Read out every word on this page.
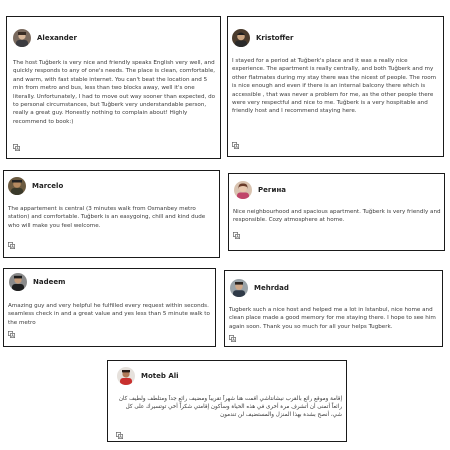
Alexander
The host Tuğberk is very nice and friendly speaks English very well, and quickly responds to any of one's needs. The place is clean, comfortable, and warm, with fast stable internet. You can't beat the location and 5 min from metro and bus, less than two blocks away, well it's one literally. Unfortunately, I had to move out way sooner than expected, do to personal circumstances, but Tuğberk very understandable person, really a great guy. Honestly nothing to complain about! Highly recommend to book:)
Kristoffer
I stayed for a period at Tuğberk's place and it was a really nice experience. The apartment is really centrally, and both Tuğberk and my other flatmates during my stay there was the nicest of people. The room is nice enough and even if there is an internal balcony there which is accessible , that was never a problem for me, as the other people there were very respectful and nice to me. Tuğberk is a very hospitable and friendly host and I recommend staying here.
Marcelo
The appartement is central (3 minutes walk from Osmanbey metro station) and comfortable. Tuğberk is an easygoing, chill and kind dude who will make you feel welcome.
Регина
Nice neighbourhood and spacious apartment. Tuğberk is very friendly and responsible. Cozy atmosphere at home.
Nadeem
Amazing guy and very helpful he fulfilled every request within seconds. seamless check in and a great value and yes less than 5 minute walk to the metro
Mehrdad
Tugberk such a nice host and helped me a lot in Istanbul, nice home and clean place made a good memory for me staying there. I hope to see him again soon. Thank you so much for all your helps Tugberk.
Moteb Ali
إقامة وموقع رائع بالقرب نيشانتاشي أقمت هنا شهراً تقريباً ومضيف رائع جداً ومتلطف ولطيف كان رائعاً أتمنى أن أتشرف مرة أخرى في هذه الحياة وسأكون إقامتي شكراً أخي توتسيرك على كل شي، أنصح بشدة بهذا المنزل والمستضيف لن تندمون
